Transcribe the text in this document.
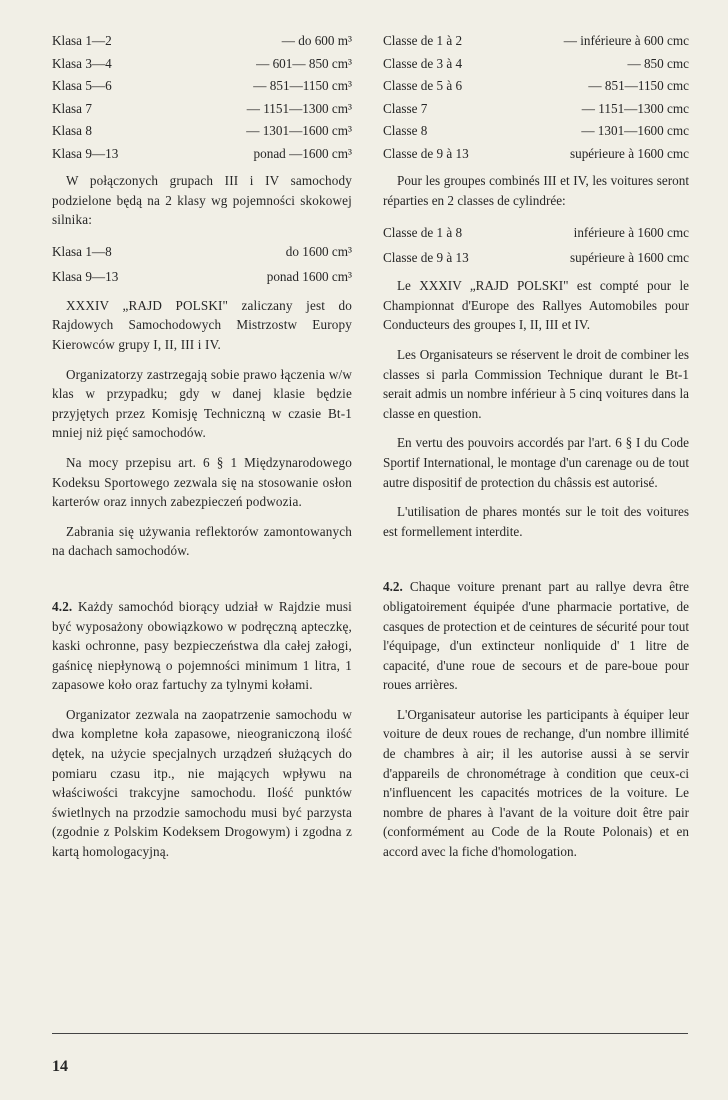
Klasa 1—2	— do 600 m³
Klasa 3—4	— 601— 850 cm³
Klasa 5—6	— 851—1150 cm³
Klasa 7	— 1151—1300 cm³
Klasa 8	— 1301—1600 cm³
Klasa 9—13	ponad —1600 cm³

W połączonych grupach III i IV samochody podzielone będą na 2 klasy wg pojemności skokowej silnika:

Klasa 1—8	do 1600 cm³
Klasa 9—13	ponad 1600 cm³

XXXIV „RAJD POLSKI" zaliczany jest do Rajdowych Samochodowych Mistrzostw Europy Kierowców grupy I, II, III i IV.

Organizatorzy zastrzegają sobie prawo łączenia w/w klas w przypadku; gdy w danej klasie będzie przyjętych przez Komisję Techniczną w czasie Bt-1 mniej niż pięć samochodów.

Na mocy przepisu art. 6 § 1 Międzynarodowego Kodeksu Sportowego zezwala się na stosowanie osłon karterów oraz innych zabezpieczeń podwozia.

Zabrania się używania reflektorów zamontowanych na dachach samochodów.

4.2. Każdy samochód biorący udział w Rajdzie musi być wyposażony obowiązkowo w podręczną apteczkę, kaski ochronne, pasy bezpieczeństwa dla całej załogi, gaśnicę niepłynową o pojemności minimum 1 litra, 1 zapasowe koło oraz fartuchy za tylnymi kołami.

Organizator zezwala na zaopatrzenie samochodu w dwa kompletne koła zapasowe, nieograniczoną ilość dętek, na użycie specjalnych urządzeń służących do pomiaru czasu itp., nie mających wpływu na właściwości trakcyjne samochodu. Ilość punktów świetlnych na przodzie samochodu musi być parzysta (zgodnie z Polskim Kodeksem Drogowym) i zgodna z kartą homologacyjną.

Classe de 1 à 2	— inférieure à 600 cmc
Classe de 3 à 4	— 850 cmc
Classe de 5 à 6	— 851—1150 cmc
Classe 7	— 1151—1300 cmc
Classe 8	— 1301—1600 cmc
Classe de 9 à 13	supérieure à 1600 cmc

Pour les groupes combinés III et IV, les voitures seront réparties en 2 classes de cylindrée:

Classe de 1 à 8	inférieure à 1600 cmc
Classe de 9 à 13	supérieure à 1600 cmc

Le XXXIV „RAJD POLSKI" est compté pour le Championnat d'Europe des Rallyes Automobiles pour Conducteurs des groupes I, II, III et IV.

Les Organisateurs se réservent le droit de combiner les classes si parla Commission Technique durant le Bt-1 serait admis un nombre inférieur à 5 cinq voitures dans la classe en question.

En vertu des pouvoirs accordés par l'art. 6 § I du Code Sportif International, le montage d'un carenage ou de tout autre dispositif de protection du châssis est autorisé.

L'utilisation de phares montés sur le toit des voitures est formellement interdite.

4.2. Chaque voiture prenant part au rallye devra être obligatoirement équipée d'une pharmacie portative, de casques de protection et de ceintures de sécurité pour tout l'équipage, d'un extincteur nonliquide d' 1 litre de capacité, d'une roue de secours et de pare-boue pour roues arrières.

L'Organisateur autorise les participants à équiper leur voiture de deux roues de rechange, d'un nombre illimité de chambres à air; il les autorise aussi à se servir d'appareils de chronométrage à condition que ceux-ci n'influencent les capacités motrices de la voiture. Le nombre de phares à l'avant de la voiture doit être pair (conformément au Code de la Route Polonais) et en accord avec la fiche d'homologation.

14
